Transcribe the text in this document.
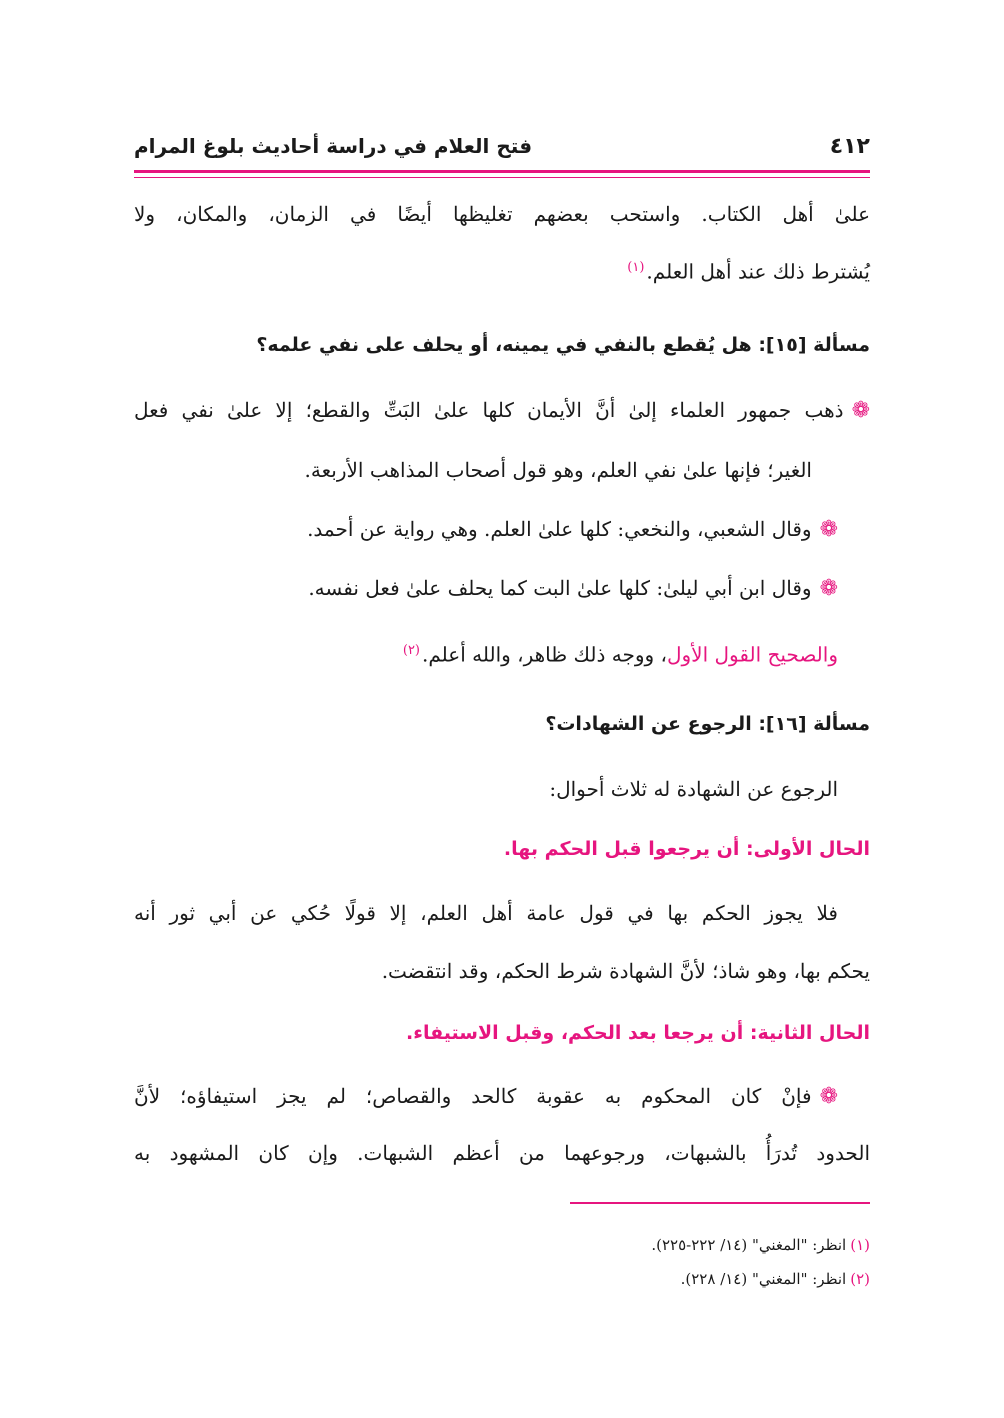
٤١٢
فتح العلام في دراسة أحاديث بلوغ المرام
علىٰ أهل الكتاب. واستحب بعضهم تغليظها أيضًا في الزمان، والمكان، ولا
يُشترط ذلك عند أهل العلم.$^{(١)}$
مسألة [١٥]: هل يُقطع بالنفي في يمينه، أو يحلف على نفي علمه؟
❁ذهب جمهور العلماء إلىٰ أنَّ الأيمان كلها علىٰ البَتِّ والقطع؛ إلا علىٰ نفي فعل
الغير؛ فإنها علىٰ نفي العلم، وهو قول أصحاب المذاهب الأربعة.
❁وقال الشعبي، والنخعي: كلها علىٰ العلم. وهي رواية عن أحمد.
❁وقال ابن أبي ليلىٰ: كلها علىٰ البت كما يحلف علىٰ فعل نفسه.
والصحيح القول الأول، ووجه ذلك ظاهر، والله أعلم.$^{(٢)}$
مسألة [١٦]: الرجوع عن الشهادات؟
الرجوع عن الشهادة له ثلاث أحوال:
الحال الأولى: أن يرجعوا قبل الحكم بها.
فلا يجوز الحكم بها في قول عامة أهل العلم، إلا قولًا حُكي عن أبي ثور أنه
يحكم بها، وهو شاذ؛ لأنَّ الشهادة شرط الحكم، وقد انتقضت.
الحال الثانية: أن يرجعا بعد الحكم، وقبل الاستيفاء.
❁فإنْ كان المحكوم به عقوبة كالحد والقصاص؛ لم يجز استيفاؤه؛ لأنَّ
الحدود تُدرَأُ بالشبهات، ورجوعهما من أعظم الشبهات. وإن كان المشهود به
(١)انظر: "المغني" (١٤/ ٢٢٢-٢٢٥).
(٢)انظر: "المغني" (١٤/ ٢٢٨).
